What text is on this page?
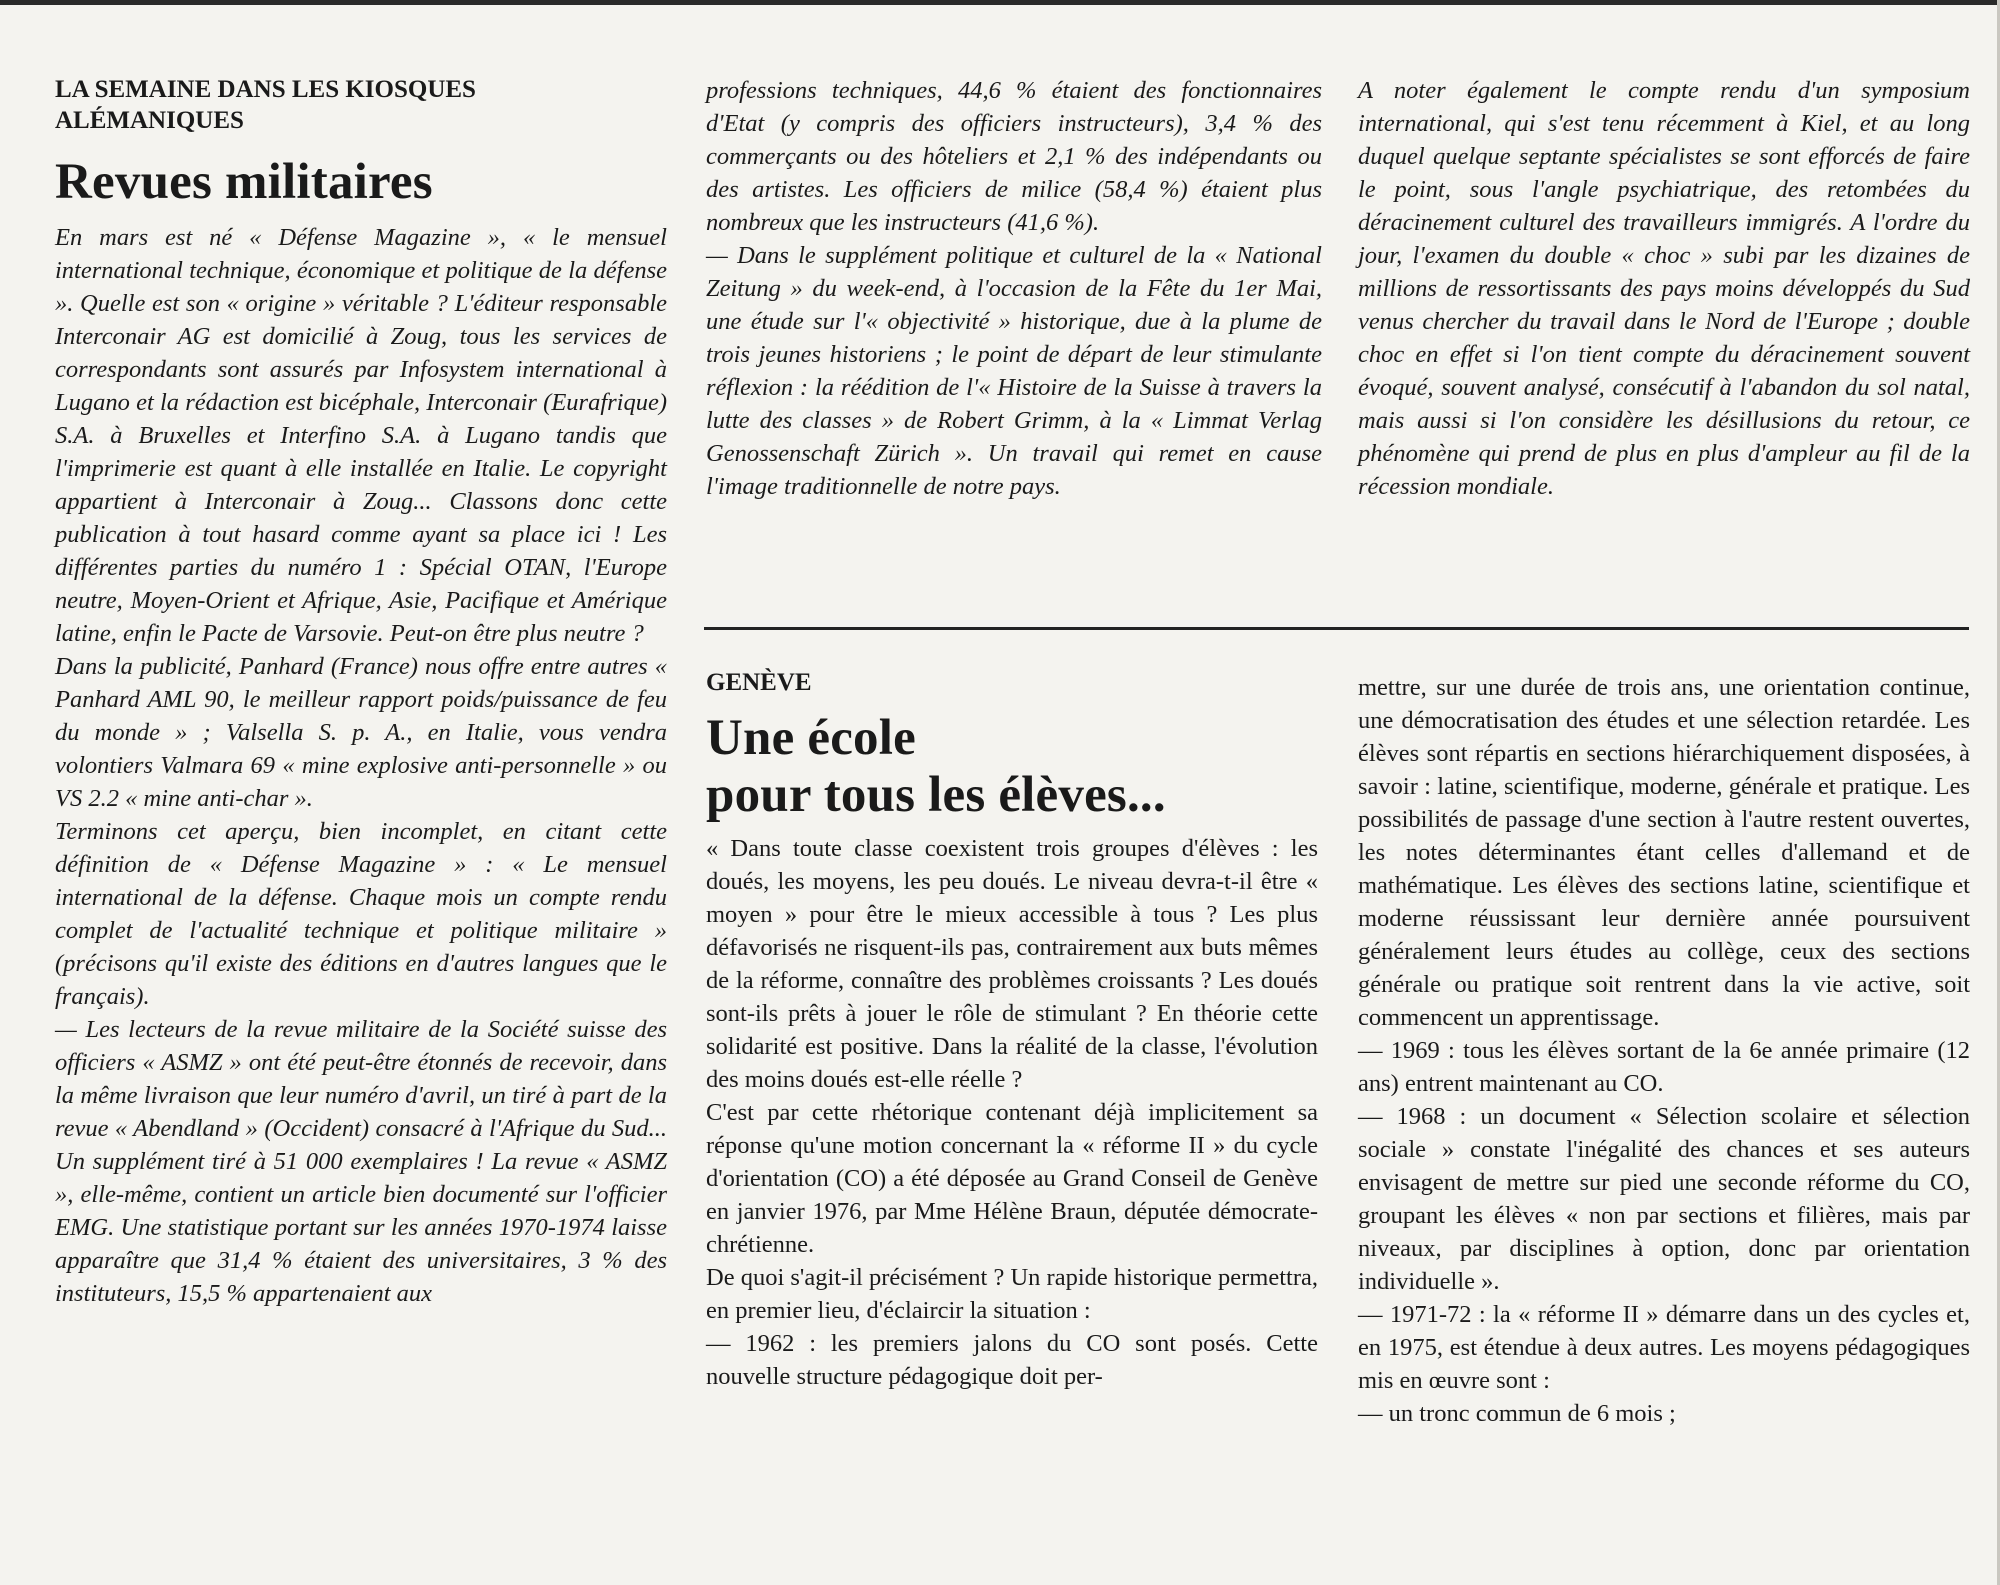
LA SEMAINE DANS LES KIOSQUES
ALÉMANIQUES

Revues militaires

En mars est né « Défense Magazine », « le mensuel international technique, économique et politique de la défense ». Quelle est son « origine » véritable ? L'éditeur responsable Interconair AG est domicilié à Zoug, tous les services de correspondants sont assurés par Infosystem international à Lugano et la rédaction est bicéphale, Interconair (Eurafrique) S.A. à Bruxelles et Interfino S.A. à Lugano tandis que l'imprimerie est quant à elle installée en Italie. Le copyright appartient à Interconair à Zoug... Classons donc cette publication à tout hasard comme ayant sa place ici ! Les différentes parties du numéro 1 : Spécial OTAN, l'Europe neutre, Moyen-Orient et Afrique, Asie, Pacifique et Amérique latine, enfin le Pacte de Varsovie. Peut-on être plus neutre ?

Dans la publicité, Panhard (France) nous offre entre autres « Panhard AML 90, le meilleur rapport poids/puissance de feu du monde » ; Valsella S. p. A., en Italie, vous vendra volontiers Valmara 69 « mine explosive anti-personnelle » ou VS 2.2 « mine anti-char ».

Terminons cet aperçu, bien incomplet, en citant cette définition de « Défense Magazine » : « Le mensuel international de la défense. Chaque mois un compte rendu complet de l'actualité technique et politique militaire » (précisons qu'il existe des éditions en d'autres langues que le français).

— Les lecteurs de la revue militaire de la Société suisse des officiers « ASMZ » ont été peut-être étonnés de recevoir, dans la même livraison que leur numéro d'avril, un tiré à part de la revue « Abendland » (Occident) consacré à l'Afrique du Sud... Un supplément tiré à 51 000 exemplaires ! La revue « ASMZ », elle-même, contient un article bien documenté sur l'officier EMG. Une statistique portant sur les années 1970-1974 laisse apparaître que 31,4 % étaient des universitaires, 3 % des instituteurs, 15,5 % appartenaient aux

professions techniques, 44,6 % étaient des fonctionnaires d'Etat (y compris des officiers instructeurs), 3,4 % des commerçants ou des hôteliers et 2,1 % des indépendants ou des artistes. Les officiers de milice (58,4 %) étaient plus nombreux que les instructeurs (41,6 %).

— Dans le supplément politique et culturel de la « National Zeitung » du week-end, à l'occasion de la Fête du 1er Mai, une étude sur l'« objectivité » historique, due à la plume de trois jeunes historiens ; le point de départ de leur stimulante réflexion : la réédition de l'« Histoire de la Suisse à travers la lutte des classes » de Robert Grimm, à la « Limmat Verlag Genossenschaft Zürich ». Un travail qui remet en cause l'image traditionnelle de notre pays.

A noter également le compte rendu d'un symposium international, qui s'est tenu récemment à Kiel, et au long duquel quelque septante spécialistes se sont efforcés de faire le point, sous l'angle psychiatrique, des retombées du déracinement culturel des travailleurs immigrés. A l'ordre du jour, l'examen du double « choc » subi par les dizaines de millions de ressortissants des pays moins développés du Sud venus chercher du travail dans le Nord de l'Europe ; double choc en effet si l'on tient compte du déracinement souvent évoqué, souvent analysé, consécutif à l'abandon du sol natal, mais aussi si l'on considère les désillusions du retour, ce phénomène qui prend de plus en plus d'ampleur au fil de la récession mondiale.

GENÈVE

Une école
pour tous les élèves...

« Dans toute classe coexistent trois groupes d'élèves : les doués, les moyens, les peu doués. Le niveau devra-t-il être « moyen » pour être le mieux accessible à tous ? Les plus défavorisés ne risquent-ils pas, contrairement aux buts mêmes de la réforme, connaître des problèmes croissants ? Les doués sont-ils prêts à jouer le rôle de stimulant ? En théorie cette solidarité est positive. Dans la réalité de la classe, l'évolution des moins doués est-elle réelle ?

C'est par cette rhétorique contenant déjà implicitement sa réponse qu'une motion concernant la « réforme II » du cycle d'orientation (CO) a été déposée au Grand Conseil de Genève en janvier 1976, par Mme Hélène Braun, députée démocrate-chrétienne.

De quoi s'agit-il précisément ? Un rapide historique permettra, en premier lieu, d'éclaircir la situation :

— 1962 : les premiers jalons du CO sont posés. Cette nouvelle structure pédagogique doit per-

mettre, sur une durée de trois ans, une orientation continue, une démocratisation des études et une sélection retardée. Les élèves sont répartis en sections hiérarchiquement disposées, à savoir : latine, scientifique, moderne, générale et pratique. Les possibilités de passage d'une section à l'autre restent ouvertes, les notes déterminantes étant celles d'allemand et de mathématique. Les élèves des sections latine, scientifique et moderne réussissant leur dernière année poursuivent généralement leurs études au collège, ceux des sections générale ou pratique soit rentrent dans la vie active, soit commencent un apprentissage.

— 1969 : tous les élèves sortant de la 6e année primaire (12 ans) entrent maintenant au CO.

— 1968 : un document « Sélection scolaire et sélection sociale » constate l'inégalité des chances et ses auteurs envisagent de mettre sur pied une seconde réforme du CO, groupant les élèves « non par sections et filières, mais par niveaux, par disciplines à option, donc par orientation individuelle ».

— 1971-72 : la « réforme II » démarre dans un des cycles et, en 1975, est étendue à deux autres. Les moyens pédagogiques mis en œuvre sont :

— un tronc commun de 6 mois ;
